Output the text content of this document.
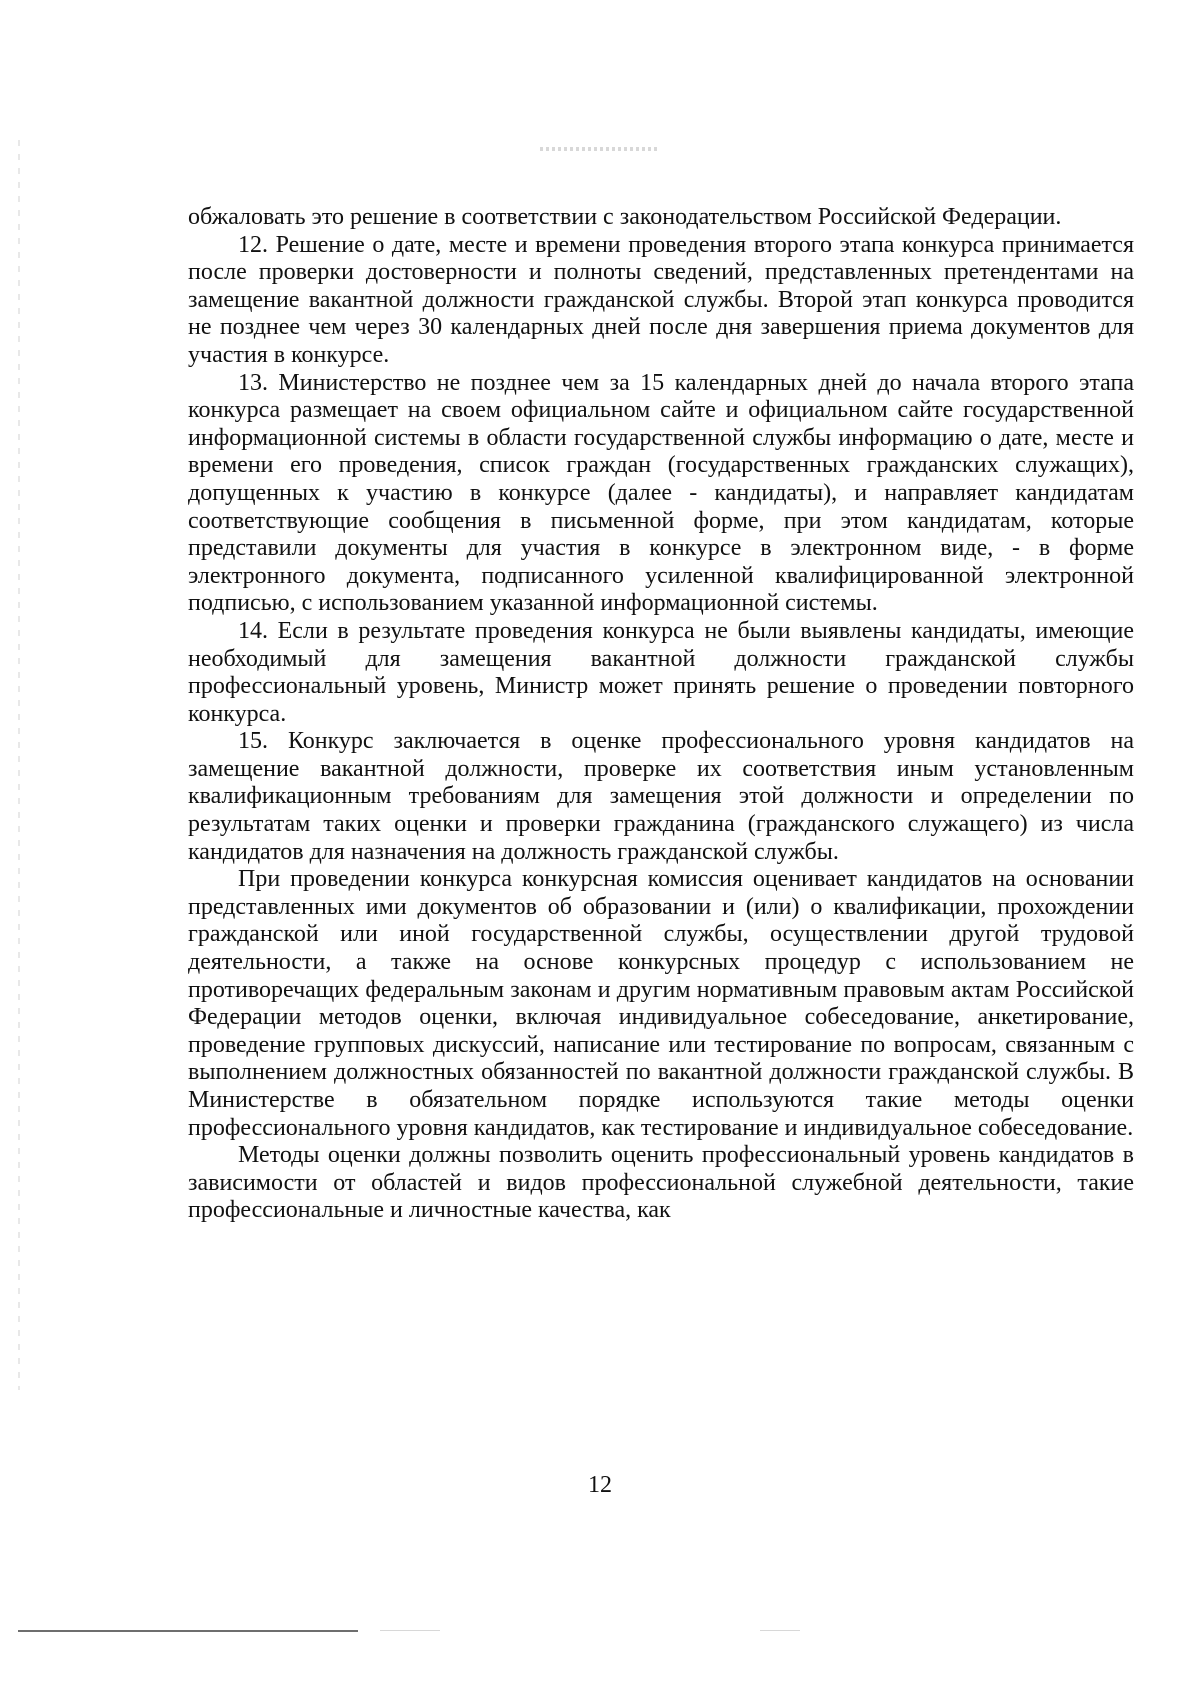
обжаловать это решение в соответствии с законодательством Российской Федерации.

12. Решение о дате, месте и времени проведения второго этапа конкурса принимается после проверки достоверности и полноты сведений, представленных претендентами на замещение вакантной должности гражданской службы. Второй этап конкурса проводится не позднее чем через 30 календарных дней после дня завершения приема документов для участия в конкурсе.

13. Министерство не позднее чем за 15 календарных дней до начала второго этапа конкурса размещает на своем официальном сайте и официальном сайте государственной информационной системы в области государственной службы информацию о дате, месте и времени его проведения, список граждан (государственных гражданских служащих), допущенных к участию в конкурсе (далее - кандидаты), и направляет кандидатам соответствующие сообщения в письменной форме, при этом кандидатам, которые представили документы для участия в конкурсе в электронном виде, - в форме электронного документа, подписанного усиленной квалифицированной электронной подписью, с использованием указанной информационной системы.

14. Если в результате проведения конкурса не были выявлены кандидаты, имеющие необходимый для замещения вакантной должности гражданской службы профессиональный уровень, Министр может принять решение о проведении повторного конкурса.

15. Конкурс заключается в оценке профессионального уровня кандидатов на замещение вакантной должности, проверке их соответствия иным установленным квалификационным требованиям для замещения этой должности и определении по результатам таких оценки и проверки гражданина (гражданского служащего) из числа кандидатов для назначения на должность гражданской службы.

При проведении конкурса конкурсная комиссия оценивает кандидатов на основании представленных ими документов об образовании и (или) о квалификации, прохождении гражданской или иной государственной службы, осуществлении другой трудовой деятельности, а также на основе конкурсных процедур с использованием не противоречащих федеральным законам и другим нормативным правовым актам Российской Федерации методов оценки, включая индивидуальное собеседование, анкетирование, проведение групповых дискуссий, написание или тестирование по вопросам, связанным с выполнением должностных обязанностей по вакантной должности гражданской службы. В Министерстве в обязательном порядке используются такие методы оценки профессионального уровня кандидатов, как тестирование и индивидуальное собеседование.

Методы оценки должны позволить оценить профессиональный уровень кандидатов в зависимости от областей и видов профессиональной служебной деятельности, такие профессиональные и личностные качества, как

12
